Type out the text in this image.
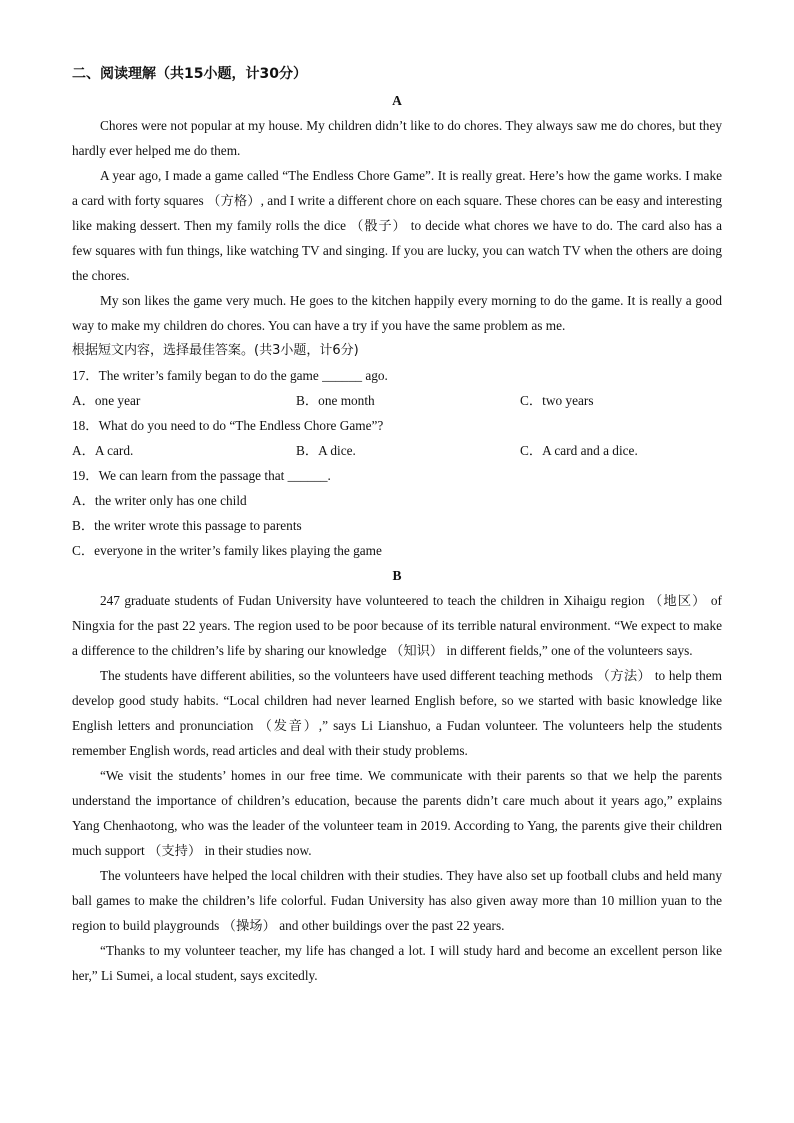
二、阅读理解（共15小题，计30分）
A

Chores were not popular at my house. My children didn’t like to do chores. They always saw me do chores, but they hardly ever helped me do them.

A year ago, I made a game called “The Endless Chore Game”. It is really great. Here’s how the game works. I make a card with forty squares （方格）, and I write a different chore on each square. These chores can be easy and interesting like making dessert. Then my family rolls the dice （骰子） to decide what chores we have to do. The card also has a few squares with fun things, like watching TV and singing. If you are lucky, you can watch TV when the others are doing the chores.

My son likes the game very much. He goes to the kitchen happily every morning to do the game. It is really a good way to make my children do chores. You can have a try if you have the same problem as me.

根据短文内容，选择最佳答案。(共3小题，计6分)
17．The writer’s family began to do the game ______ ago.
A．one year	B．one month	C．two years
18．What do you need to do “The Endless Chore Game”?
A．A card.	B．A dice.	C．A card and a dice.
19．We can learn from the passage that ______.
A．the writer only has one child
B．the writer wrote this passage to parents
C．everyone in the writer’s family likes playing the game
B

247 graduate students of Fudan University have volunteered to teach the children in Xihaigu region （地区） of Ningxia for the past 22 years. The region used to be poor because of its terrible natural environment. “We expect to make a difference to the children’s life by sharing our knowledge （知识） in different fields,” one of the volunteers says.

The students have different abilities, so the volunteers have used different teaching methods （方法） to help them develop good study habits. “Local children had never learned English before, so we started with basic knowledge like English letters and pronunciation （发音）,” says Li Lianshuo, a Fudan volunteer. The volunteers help the students remember English words, read articles and deal with their study problems.

“We visit the students’ homes in our free time. We communicate with their parents so that we help the parents understand the importance of children’s education, because the parents didn’t care much about it years ago,” explains Yang Chenhaotong, who was the leader of the volunteer team in 2019. According to Yang, the parents give their children much support （支持） in their studies now.

The volunteers have helped the local children with their studies. They have also set up football clubs and held many ball games to make the children’s life colorful. Fudan University has also given away more than 10 million yuan to the region to build playgrounds （操场） and other buildings over the past 22 years.

“Thanks to my volunteer teacher, my life has changed a lot. I will study hard and become an excellent person like her,” Li Sumei, a local student, says excitedly.
